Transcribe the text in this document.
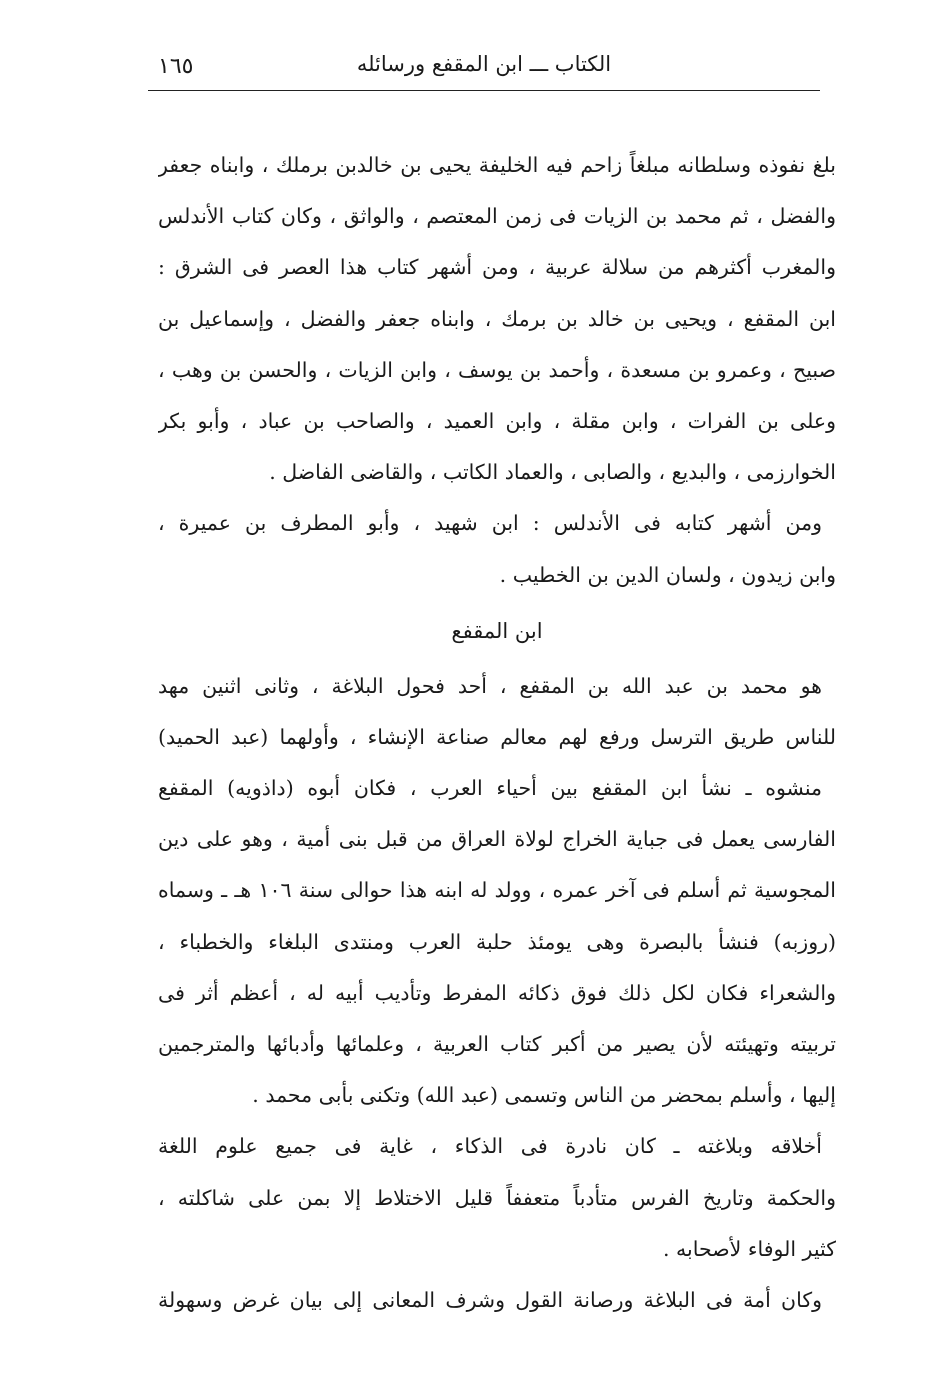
الكتاب ـــ ابن المقفع ورسائله
١٦٥
بلغ نفوذه وسلطانه مبلغاً زاحم فيه الخليفة يحيى بن خالدبن برملك ، وابناه جعفر
والفضل ، ثم محمد بن الزيات فى زمن المعتصم ، والواثق ، وكان كتاب الأندلس
والمغرب أكثرهم من سلالة عربية ، ومن أشهر كتاب هذا العصر فى الشرق :
ابن المقفع ، ويحيى بن خالد بن برمك ، وابناه جعفر والفضل ، وإسماعيل بن
صبيح ، وعمرو بن مسعدة ، وأحمد بن يوسف ، وابن الزيات ، والحسن بن وهب ،
وعلى بن الفرات ، وابن مقلة ، وابن العميد ، والصاحب بن عباد ، وأبو بكر
الخوارزمى ، والبديع ، والصابى ، والعماد الكاتب ، والقاضى الفاضل .
ومن أشهر كتابه فى الأندلس : ابن شهيد ، وأبو المطرف بن عميرة ،
وابن زيدون ، ولسان الدين بن الخطيب .
ابن المقفع
هو محمد بن عبد الله بن المقفع ، أحد فحول البلاغة ، وثانى اثنين مهد
للناس طريق الترسل ورفع لهم معالم صناعة الإنشاء ، وأولهما (عبد الحميد)
منشوه ـ نشأ ابن المقفع بين أحياء العرب ، فكان أبوه (داذويه) المقفع
الفارسى يعمل فى جباية الخراج لولاة العراق من قبل بنى أمية ، وهو على دين
المجوسية ثم أسلم فى آخر عمره ، وولد له ابنه هذا حوالى سنة ١٠٦ هـ ـ وسماه
(روزبه) فنشأ بالبصرة وهى يومئذ حلبة العرب ومنتدى البلغاء والخطباء ،
والشعراء فكان لكل ذلك فوق ذكائه المفرط وتأديب أبيه له ، أعظم أثر فى
تربيته وتهيئته لأن يصير من أكبر كتاب العربية ، وعلمائها وأدبائها والمترجمين
إليها ، وأسلم بمحضر من الناس وتسمى (عبد الله) وتكنى بأبى محمد .
أخلاقه وبلاغته ـ كان نادرة فى الذكاء ، غاية فى جميع علوم اللغة
والحكمة وتاريخ الفرس متأدباً متعففاً قليل الاختلاط إلا بمن على شاكلته ،
كثير الوفاء لأصحابه .
وكان أمة فى البلاغة ورصانة القول وشرف المعانى إلى بيان غرض وسهولة
